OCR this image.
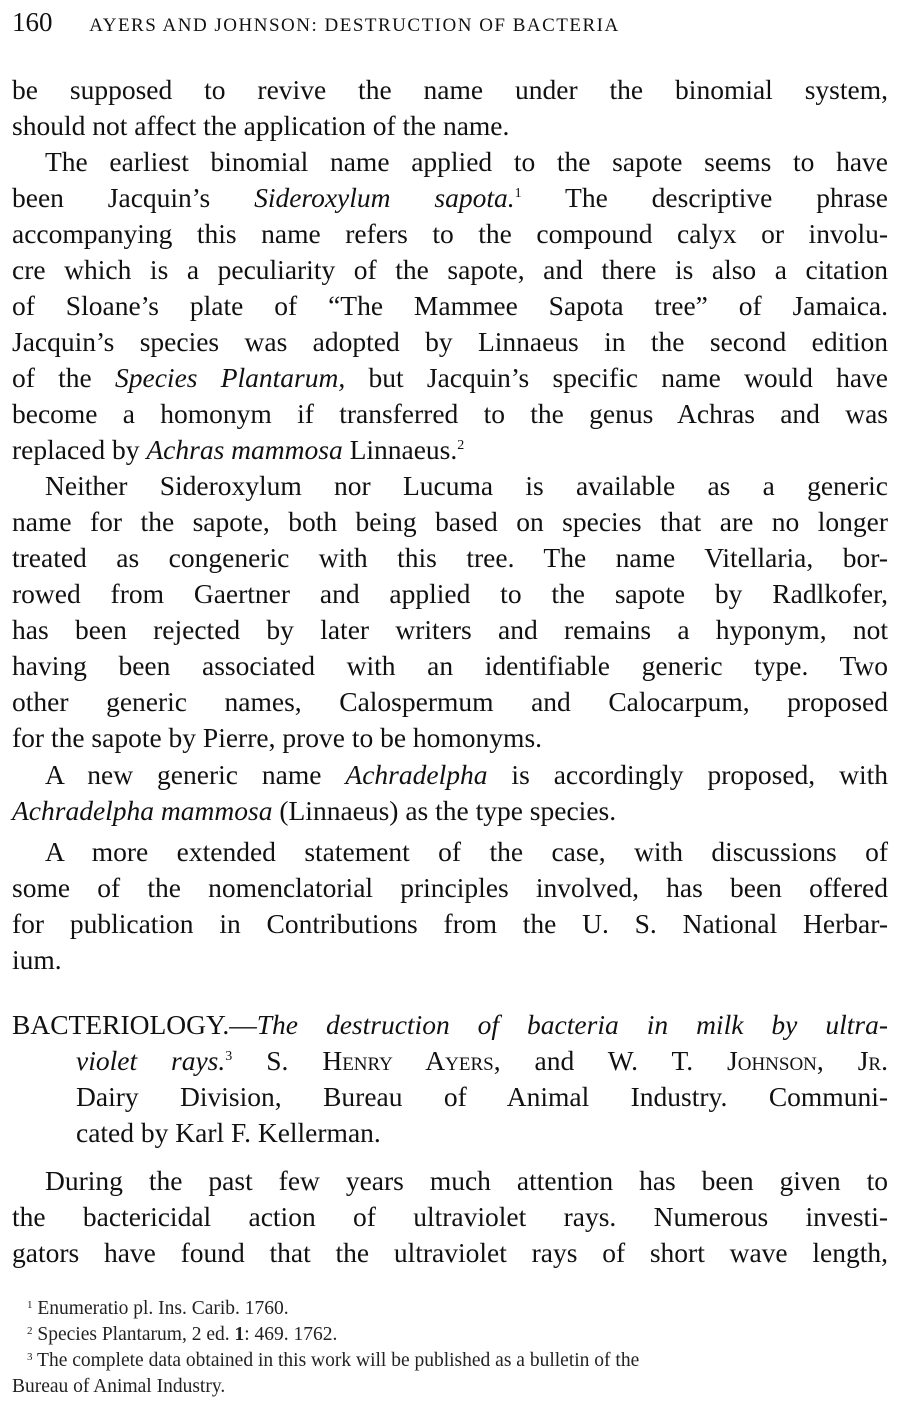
160 AYERS AND JOHNSON: DESTRUCTION OF BACTERIA
be supposed to revive the name under the binomial system,
should not affect the application of the name.
The earliest binomial name applied to the sapote seems to have
been Jacquin’s Sideroxylum sapota.$^1$ The descriptive phrase
accompanying this name refers to the compound calyx or involu-
cre which is a peculiarity of the sapote, and there is also a citation
of Sloane’s plate of “The Mammee Sapota tree” of Jamaica.
Jacquin’s species was adopted by Linnaeus in the second edition
of the Species Plantarum, but Jacquin’s specific name would have
become a homonym if transferred to the genus Achras and was
replaced by Achras mammosa Linnaeus.$^2$
Neither Sideroxylum nor Lucuma is available as a generic
name for the sapote, both being based on species that are no longer
treated as congeneric with this tree. The name Vitellaria, bor-
rowed from Gaertner and applied to the sapote by Radlkofer,
has been rejected by later writers and remains a hyponym, not
having been associated with an identifiable generic type. Two
other generic names, Calospermum and Calocarpum, proposed
for the sapote by Pierre, prove to be homonyms.
A new generic name Achradelpha is accordingly proposed, with
Achradelpha mammosa (Linnaeus) as the type species.
A more extended statement of the case, with discussions of
some of the nomenclatorial principles involved, has been offered
for publication in Contributions from the U. S. National Herbar-
ium.
BACTERIOLOGY.—The destruction of bacteria in milk by ultra-
violet rays.$^3$ S. Henry Ayers, and W. T. Johnson, Jr.
Dairy Division, Bureau of Animal Industry. Communi-
cated by Karl F. Kellerman.
During the past few years much attention has been given to
the bactericidal action of ultraviolet rays. Numerous investi-
gators have found that the ultraviolet rays of short wave length,
$^1$ Enumeratio pl. Ins. Carib. 1760.
$^2$ Species Plantarum, 2 ed. 1: 469. 1762.
$^3$ The complete data obtained in this work will be published as a bulletin of the
Bureau of Animal Industry.
